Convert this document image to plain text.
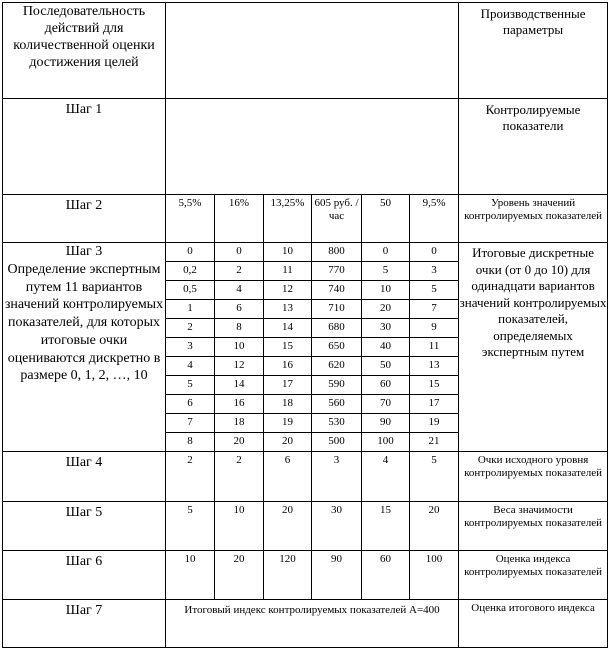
Последовательность действий для количественной оценки достижения целей							Производственные параметры
Шаг 1							Контролируемые показатели
Шаг 2	5,5%	16%	13,25%	605 руб. /час	50	9,5%	Уровень значений контролируемых показателей

Шаг 3
Определение экспертным путем 11 вариантов значений контролируемых показателей, для которых итоговые очки оцениваются дискретно в размере 0, 1, 2, …, 10	0	0	10	800	0	0	Итоговые дискретные очки (от 0 до 10) для одинадцати вариантов значений контролируемых показателей, определяемых экспертным путем
	0,2	2	11	770	5	3	
	0,5	4	12	740	10	5	
	1	6	13	710	20	7	
	2	8	14	680	30	9	
	3	10	15	650	40	11	
	4	12	16	620	50	13	
	5	14	17	590	60	15	
	6	16	18	560	70	17	
	7	18	19	530	90	19	
	8	20	20	500	100	21	
Шаг 4	2	2	6	3	4	5	Очки исходного уровня контролируемых показателей
Шаг 5	5	10	20	30	15	20	Веса значимости контролируемых показателей
Шаг 6	10	20	120	90	60	100	Оценка индекса контролируемых показателей
Шаг 7	Итоговый индекс контролируемых показателей А=400						Оценка итогового индекса
